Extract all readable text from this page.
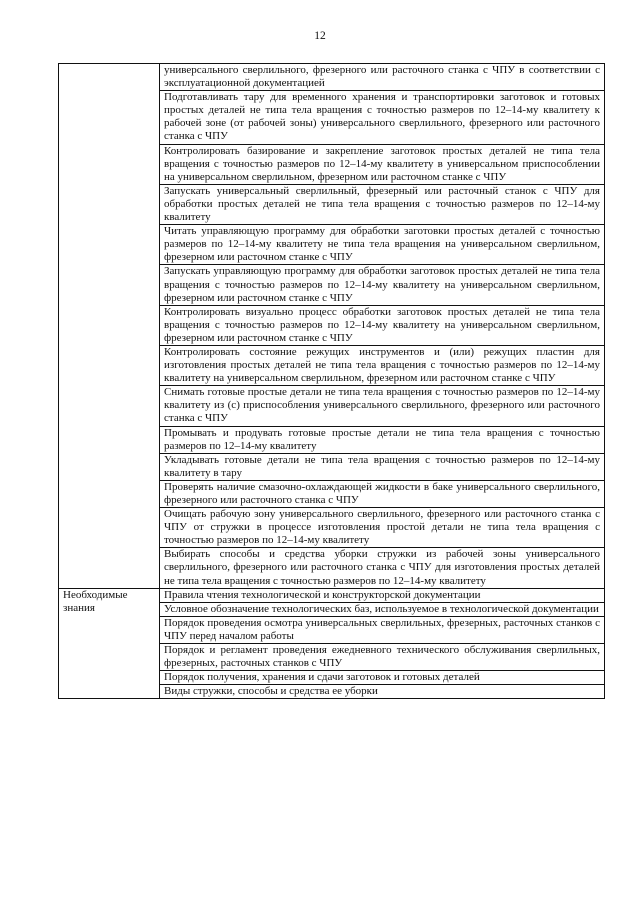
12
	универсального сверлильного, фрезерного или расточного станка с ЧПУ в соответствии с эксплуатационной документацией
	Подготавливать тару для временного хранения и транспортировки заготовок и готовых простых деталей не типа тела вращения с точностью размеров по 12–14-му квалитету к рабочей зоне (от рабочей зоны) универсального сверлильного, фрезерного или расточного станка с ЧПУ
	Контролировать базирование и закрепление заготовок простых деталей не типа тела вращения с точностью размеров по 12–14-му квалитету в универсальном приспособлении на универсальном сверлильном, фрезерном или расточном станке с ЧПУ
	Запускать универсальный сверлильный, фрезерный или расточный станок с ЧПУ для обработки простых деталей не типа тела вращения с точностью размеров по 12–14-му квалитету
	Читать управляющую программу для обработки заготовки простых деталей с точностью размеров по 12–14-му квалитету не типа тела вращения на универсальном сверлильном, фрезерном или расточном станке с ЧПУ
	Запускать управляющую программу для обработки заготовок простых деталей не типа тела вращения с точностью размеров по 12–14-му квалитету на универсальном сверлильном, фрезерном или расточном станке с ЧПУ
	Контролировать визуально процесс обработки заготовок простых деталей не типа тела вращения с точностью размеров по 12–14-му квалитету на универсальном сверлильном, фрезерном или расточном станке с ЧПУ
	Контролировать состояние режущих инструментов и (или) режущих пластин для изготовления простых деталей не типа тела вращения с точностью размеров по 12–14-му квалитету на универсальном сверлильном, фрезерном или расточном станке с ЧПУ
	Снимать готовые простые детали не типа тела вращения с точностью размеров по 12–14-му квалитету из (с) приспособления универсального сверлильного, фрезерного или расточного станка с ЧПУ
	Промывать и продувать готовые простые детали не типа тела вращения с точностью размеров по 12–14-му квалитету
	Укладывать готовые детали не типа тела вращения с точностью размеров по 12–14-му квалитету в тару
	Проверять наличие смазочно-охлаждающей жидкости в баке универсального сверлильного, фрезерного или расточного станка с ЧПУ
	Очищать рабочую зону универсального сверлильного, фрезерного или расточного станка с ЧПУ от стружки в процессе изготовления простой детали не типа тела вращения с точностью размеров по 12–14-му квалитету
	Выбирать способы и средства уборки стружки из рабочей зоны универсального сверлильного, фрезерного или расточного станка с ЧПУ для изготовления простых деталей не типа тела вращения с точностью размеров по 12–14-му квалитету
Необходимые знания	Правила чтения технологической и конструкторской документации
	Условное обозначение технологических баз, используемое в технологической документации
	Порядок проведения осмотра универсальных сверлильных, фрезерных, расточных станков с ЧПУ перед началом работы
	Порядок и регламент проведения ежедневного технического обслуживания сверлильных, фрезерных, расточных станков с ЧПУ
	Порядок получения, хранения и сдачи заготовок и готовых деталей
	Виды стружки, способы и средства ее уборки
